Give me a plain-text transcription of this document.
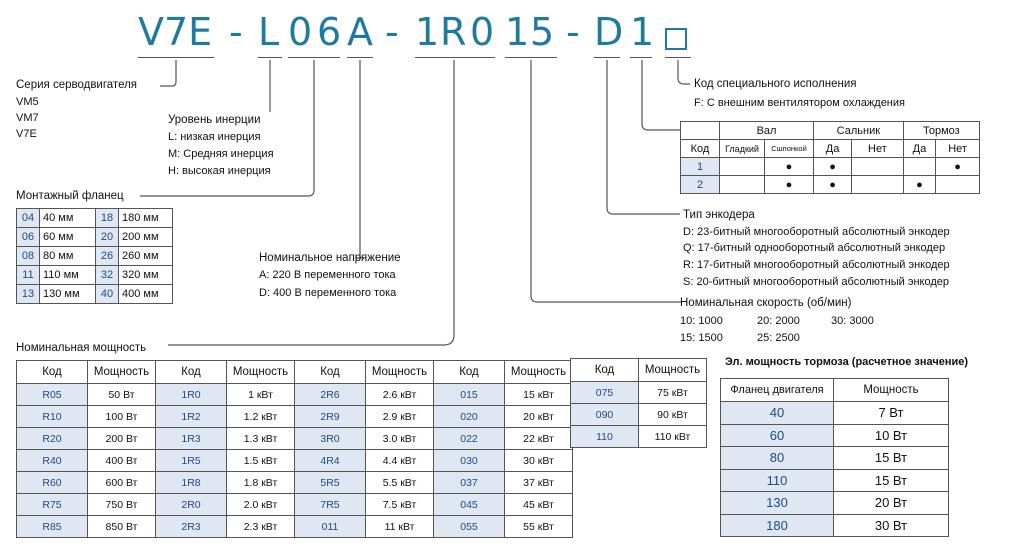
V7E - L 0 6 A - 1 R 0 1 5 - D 1
Серия серводвигателя
VM5
VM7
V7E
Уровень инерции
L: низкая инерция
M: Средняя инерция
H: высокая инерция
Монтажный фланец
04	40 мм	18	180 мм
06	60 мм	20	200 мм
08	80 мм	26	260 мм
11	110 мм	32	320 мм
13	130 мм	40	400 мм
Номинальное напряжение
A: 220 В переменного тока
D: 400 В переменного тока
Код специального исполнения
F: С внешним вентилятором охлаждения
	Вал		Сальник		Тормоз	
Код	Гладкий	Сшпонкой	Да	Нет	Да	Нет
1		●	●			●
2		●	●		●	
Тип энкодера
D: 23-битный многооборотный абсолютный энкодер
Q: 17-битный однооборотный абсолютный энкодер
R: 17-битный многооборотный абсолютный энкодер
S: 20-битный многооборотный абсолютный энкодер
Номинальная скорость (об/мин)
10: 1000	20: 2000	30: 3000
15: 1500	25: 2500
Номинальная мощность
Код	Мощность	Код	Мощность	Код	Мощность	Код	Мощность
R05	50 Вт	1R0	1 кВт	2R6	2.6 кВт	015	15 кВт
R10	100 Вт	1R2	1.2 кВт	2R9	2.9 кВт	020	20 кВт
R20	200 Вт	1R3	1.3 кВт	3R0	3.0 кВт	022	22 кВт
R40	400 Вт	1R5	1.5 кВт	4R4	4.4 кВт	030	30 кВт
R60	600 Вт	1R8	1.8 кВт	5R5	5.5 кВт	037	37 кВт
R75	750 Вт	2R0	2.0 кВт	7R5	7.5 кВт	045	45 кВт
R85	850 Вт	2R3	2.3 кВт	011	11 кВт	055	55 кВт
Код	Мощность
075	75 кВт
090	90 кВт
110	110 кВт
Эл. мощность тормоза (расчетное значение)
Фланец двигателя	Мощность
40	7 Вт
60	10 Вт
80	15 Вт
110	15 Вт
130	20 Вт
180	30 Вт
